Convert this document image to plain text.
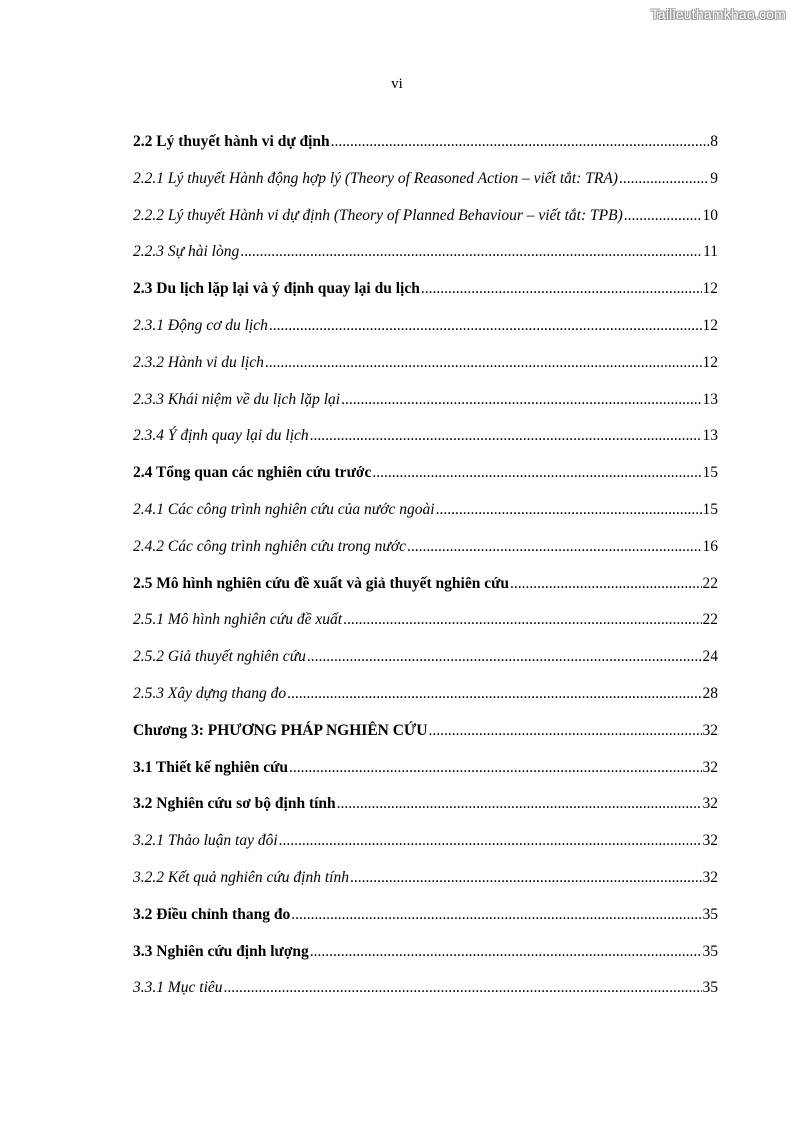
Tailieuthamkhao.com
vi
2.2 Lý thuyết hành vi dự định .....	8
2.2.1 Lý thuyết Hành động hợp lý (Theory of Reasoned Action – viết tắt: TRA) .....	9
2.2.2 Lý thuyết Hành vi dự định (Theory of Planned Behaviour – viết tắt: TPB) .....	10
2.2.3 Sự hài lòng .....	11
2.3 Du lịch lặp lại và ý định quay lại du lịch .....	12
2.3.1 Động cơ du lịch .....	12
2.3.2 Hành vi du lịch .....	12
2.3.3 Khái niệm về du lịch lặp lại .....	13
2.3.4 Ý định quay lại du lịch .....	13
2.4 Tổng quan các nghiên cứu trước .....	15
2.4.1 Các công trình nghiên cứu của nước ngoài .....	15
2.4.2 Các công trình nghiên cứu trong nước .....	16
2.5 Mô hình nghiên cứu đề xuất và giả thuyết nghiên cứu .....	22
2.5.1 Mô hình nghiên cứu đề xuất .....	22
2.5.2 Giả thuyết nghiên cứu .....	24
2.5.3 Xây dựng thang đo .....	28
Chương 3: PHƯƠNG PHÁP NGHIÊN CỨU .....	32
3.1 Thiết kế nghiên cứu .....	32
3.2 Nghiên cứu sơ bộ định tính .....	32
3.2.1 Thảo luận tay đôi .....	32
3.2.2 Kết quả nghiên cứu định tính .....	32
3.2 Điều chỉnh thang đo .....	35
3.3 Nghiên cứu định lượng .....	35
3.3.1 Mục tiêu .....	35
